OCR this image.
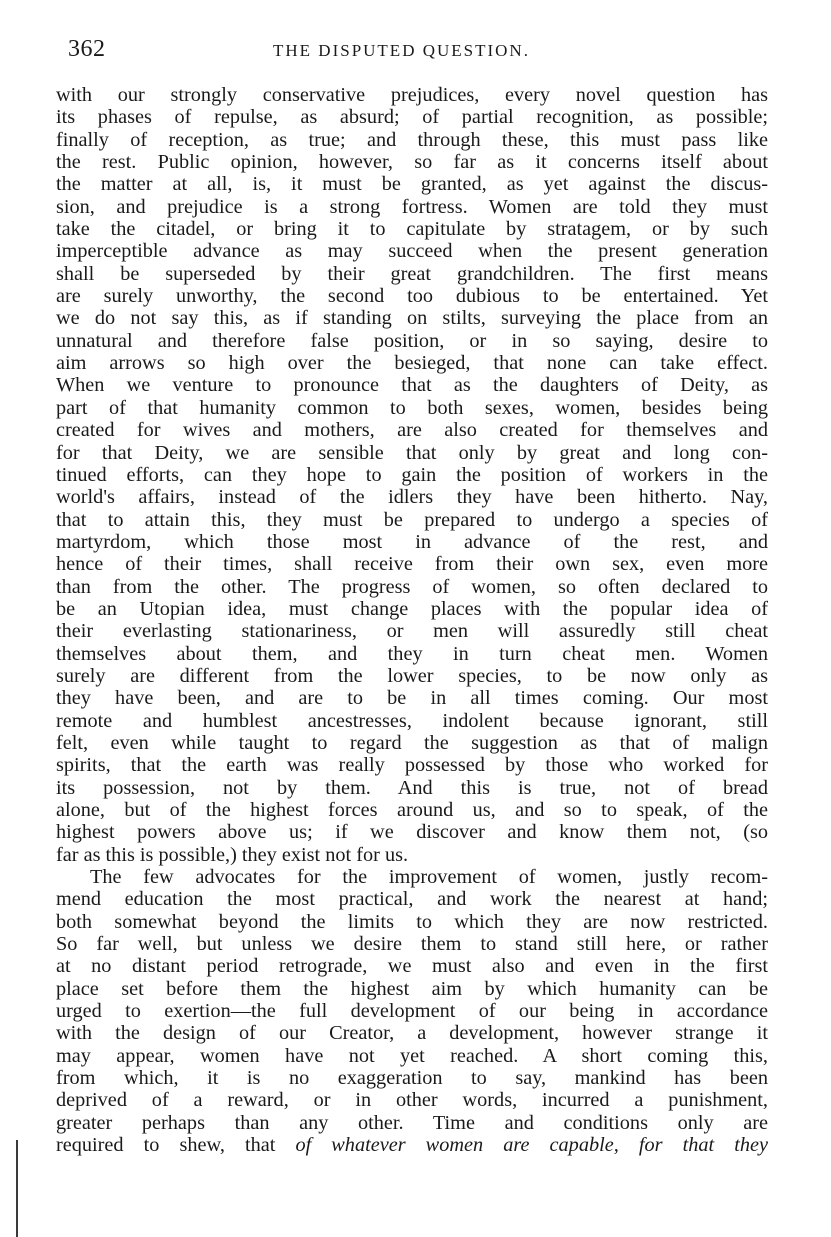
362	THE DISPUTED QUESTION.
with our strongly conservative prejudices, every novel question has
its phases of repulse, as absurd; of partial recognition, as possible;
finally of reception, as true; and through these, this must pass like
the rest. Public opinion, however, so far as it concerns itself about
the matter at all, is, it must be granted, as yet against the discus-
sion, and prejudice is a strong fortress. Women are told they must
take the citadel, or bring it to capitulate by stratagem, or by such
imperceptible advance as may succeed when the present generation
shall be superseded by their great grandchildren. The first means
are surely unworthy, the second too dubious to be entertained. Yet
we do not say this, as if standing on stilts, surveying the place from an
unnatural and therefore false position, or in so saying, desire to
aim arrows so high over the besieged, that none can take effect.
When we venture to pronounce that as the daughters of Deity, as
part of that humanity common to both sexes, women, besides being
created for wives and mothers, are also created for themselves and
for that Deity, we are sensible that only by great and long con-
tinued efforts, can they hope to gain the position of workers in the
world's affairs, instead of the idlers they have been hitherto. Nay,
that to attain this, they must be prepared to undergo a species of
martyrdom, which those most in advance of the rest, and
hence of their times, shall receive from their own sex, even more
than from the other. The progress of women, so often declared to
be an Utopian idea, must change places with the popular idea of
their everlasting stationariness, or men will assuredly still cheat
themselves about them, and they in turn cheat men. Women
surely are different from the lower species, to be now only as
they have been, and are to be in all times coming. Our most
remote and humblest ancestresses, indolent because ignorant, still
felt, even while taught to regard the suggestion as that of malign
spirits, that the earth was really possessed by those who worked for
its possession, not by them. And this is true, not of bread
alone, but of the highest forces around us, and so to speak, of the
highest powers above us; if we discover and know them not, (so
far as this is possible,) they exist not for us.
The few advocates for the improvement of women, justly recom-
mend education the most practical, and work the nearest at hand;
both somewhat beyond the limits to which they are now restricted.
So far well, but unless we desire them to stand still here, or rather
at no distant period retrograde, we must also and even in the first
place set before them the highest aim by which humanity can be
urged to exertion—the full development of our being in accordance
with the design of our Creator, a development, however strange it
may appear, women have not yet reached. A short coming this,
from which, it is no exaggeration to say, mankind has been
deprived of a reward, or in other words, incurred a punishment,
greater perhaps than any other. Time and conditions only are
required to shew, that of whatever women are capable, for that they
